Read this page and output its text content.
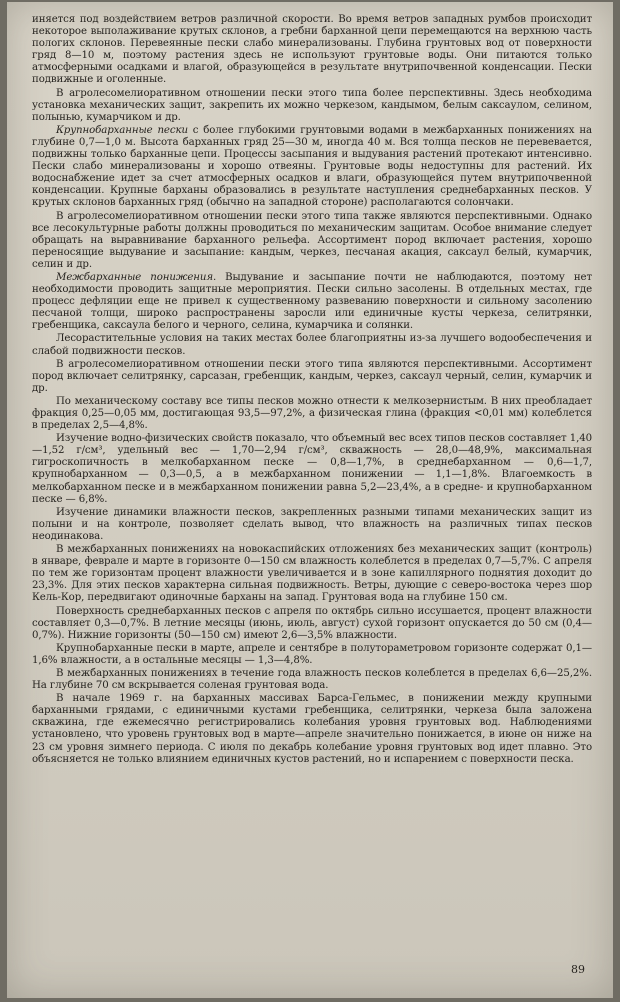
иняется под воздействием ветров различной скорости. Во время ветров западных румбов происходит некоторое выполаживание крутых склонов, а гребни барханной цепи перемещаются на верхнюю часть пологих склонов. Перевеянные пески слабо минерализованы. Глубина грунтовых вод от поверхности гряд 8—10 м, поэтому растения здесь не используют грунтовые воды. Они питаются только атмосферными осадками и влагой, образующейся в результате внутрипочвенной конденсации. Пески подвижные и оголенные.

В агролесомелиоративном отношении пески этого типа более перспективны. Здесь необходима установка механических защит, закрепить их можно черкезом, кандымом, белым саксаулом, селином, полынью, кумарчиком и др.

Крупнобарханные пески с более глубокими грунтовыми водами в межбарханных понижениях на глубине 0,7—1,0 м. Высота барханных гряд 25—30 м, иногда 40 м. Вся толща песков не перевевается, подвижны только барханные цепи. Процессы засыпания и выдувания растений протекают интенсивно. Пески слабо минерализованы и хорошо отвеяны. Грунтовые воды недоступны для растений. Их водоснабжение идет за счет атмосферных осадков и влаги, образующейся путем внутрипочвенной конденсации. Крупные барханы образовались в результате наступления среднебарханных песков. У крутых склонов барханных гряд (обычно на западной стороне) располагаются солончаки.

В агролесомелиоративном отношении пески этого типа также являются перспективными. Однако все лесокультурные работы должны проводиться по механическим защитам. Особое внимание следует обращать на выравнивание барханного рельефа. Ассортимент пород включает растения, хорошо переносящие выдувание и засыпание: кандым, черкез, песчаная акация, саксаул белый, кумарчик, селин и др.

Межбарханные понижения. Выдувание и засыпание почти не наблюдаются, поэтому нет необходимости проводить защитные мероприятия. Пески сильно засолены. В отдельных местах, где процесс дефляции еще не привел к существенному развеванию поверхности и сильному засолению песчаной толщи, широко распространены заросли или единичные кусты черкеза, селитрянки, гребенщика, саксаула белого и черного, селина, кумарчика и солянки.

Лесорастительные условия на таких местах более благоприятны из-за лучшего водообеспечения и слабой подвижности песков.

В агролесомелиоративном отношении пески этого типа являются перспективными. Ассортимент пород включает селитрянку, сарсазан, гребенщик, кандым, черкез, саксаул черный, селин, кумарчик и др.

По механическому составу все типы песков можно отнести к мелкозернистым. В них преобладает фракция 0,25—0,05 мм, достигающая 93,5—97,2%, а физическая глина (фракция <0,01 мм) колеблется в пределах 2,5—4,8%.

Изучение водно-физических свойств показало, что объемный вес всех типов песков составляет 1,40—1,52 г/см³, удельный вес — 1,70—2,94 г/см³, скважность — 28,0—48,9%, максимальная гигроскопичность в мелкобарханном песке — 0,8—1,7%, в среднебарханном — 0,6—1,7, крупнобарханном — 0,3—0,5, а в межбарханном понижении — 1,1—1,8%. Влагоемкость в мелкобарханном песке и в межбарханном понижении равна 5,2—23,4%, а в средне- и крупнобарханном песке — 6,8%.

Изучение динамики влажности песков, закрепленных разными типами механических защит из полыни и на контроле, позволяет сделать вывод, что влажность на различных типах песков неодинакова.

В межбарханных понижениях на новокаспийских отложениях без механических защит (контроль) в январе, феврале и марте в горизонте 0—150 см влажность колеблется в пределах 0,7—5,7%. С апреля по тем же горизонтам процент влажности увеличивается и в зоне капиллярного поднятия доходит до 23,3%. Для этих песков характерна сильная подвижность. Ветры, дующие с северо-востока через шор Кель-Кор, передвигают одиночные барханы на запад. Грунтовая вода на глубине 150 см.

Поверхность среднебарханных песков с апреля по октябрь сильно иссушается, процент влажности составляет 0,3—0,7%. В летние месяцы (июнь, июль, август) сухой горизонт опускается до 50 см (0,4—0,7%). Нижние горизонты (50—150 см) имеют 2,6—3,5% влажности.

Крупнобарханные пески в марте, апреле и сентябре в полутораметровом горизонте содержат 0,1—1,6% влажности, а в остальные месяцы — 1,3—4,8%.

В межбарханных понижениях в течение года влажность песков колеблется в пределах 6,6—25,2%. На глубине 70 см вскрывается соленая грунтовая вода.

В начале 1969 г. на барханных массивах Барса-Гельмес, в понижении между крупными барханными грядами, с единичными кустами гребенщика, селитрянки, черкеза была заложена скважина, где ежемесячно регистрировались колебания уровня грунтовых вод. Наблюдениями установлено, что уровень грунтовых вод в марте—апреле значительно понижается, в июне он ниже на 23 см уровня зимнего периода. С июля по декабрь колебание уровня грунтовых вод идет плавно. Это объясняется не только влиянием единичных кустов растений, но и испарением с поверхности песка.

89
